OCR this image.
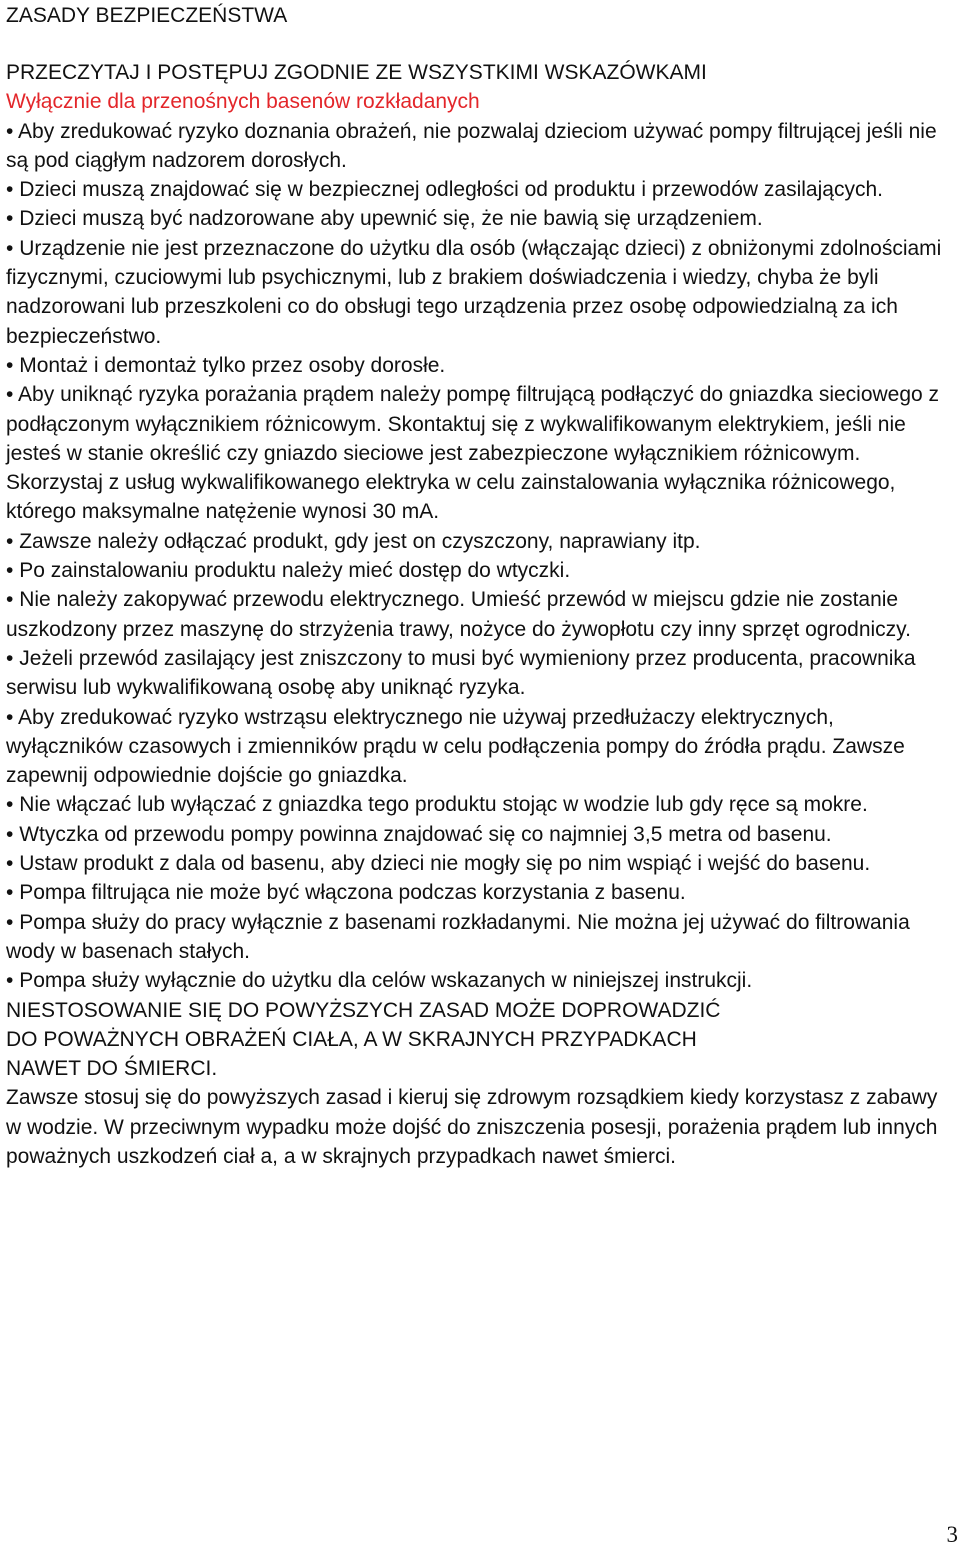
ZASADY BEZPIECZEŃSTWA

PRZECZYTAJ I POSTĘPUJ ZGODNIE ZE WSZYSTKIMI WSKAZÓWKAMI

Wyłącznie dla przenośnych basenów rozkładanych

• Aby zredukować ryzyko doznania obrażeń, nie pozwalaj dzieciom używać pompy filtrującej jeśli nie są pod ciągłym nadzorem dorosłych.
• Dzieci muszą znajdować się w bezpiecznej odległości od produktu i przewodów zasilających.
• Dzieci muszą być nadzorowane aby upewnić się, że nie bawią się urządzeniem.
• Urządzenie nie jest przeznaczone do użytku dla osób (włączając dzieci) z obniżonymi zdolnościami fizycznymi, czuciowymi lub psychicznymi, lub z brakiem doświadczenia i wiedzy, chyba że byli nadzorowani lub przeszkoleni co do obsługi tego urządzenia przez osobę odpowiedzialną za ich bezpieczeństwo.
• Montaż i demontaż tylko przez osoby dorosłe.
• Aby uniknąć ryzyka porażania prądem należy pompę filtrującą podłączyć do gniazdka sieciowego z podłączonym wyłącznikiem różnicowym. Skontaktuj się z wykwalifikowanym elektrykiem, jeśli nie jesteś w stanie określić czy gniazdo sieciowe jest zabezpieczone wyłącznikiem różnicowym. Skorzystaj z usług wykwalifikowanego elektryka w celu zainstalowania wyłącznika różnicowego, którego maksymalne natężenie wynosi 30 mA.
• Zawsze należy odłączać produkt, gdy jest on czyszczony, naprawiany itp.
• Po zainstalowaniu produktu należy mieć dostęp do wtyczki.
• Nie należy zakopywać przewodu elektrycznego. Umieść przewód w miejscu gdzie nie zostanie uszkodzony przez maszynę do strzyżenia trawy, nożyce do żywopłotu czy inny sprzęt ogrodniczy.
• Jeżeli przewód zasilający jest zniszczony to musi być wymieniony przez producenta, pracownika serwisu lub wykwalifikowaną osobę aby uniknąć ryzyka.
• Aby zredukować ryzyko wstrząsu elektrycznego nie używaj przedłużaczy elektrycznych, wyłączników czasowych i zmienników prądu w celu podłączenia pompy do źródła prądu. Zawsze zapewnij odpowiednie dojście go gniazdka.
• Nie włączać lub wyłączać z gniazdka tego produktu stojąc w wodzie lub gdy ręce są mokre.
• Wtyczka od przewodu pompy powinna znajdować się co najmniej 3,5 metra od basenu.
• Ustaw produkt z dala od basenu, aby dzieci nie mogły się po nim wspiąć i wejść do basenu.
• Pompa filtrująca nie może być włączona podczas korzystania z basenu.
• Pompa służy do pracy wyłącznie z basenami rozkładanymi. Nie można jej używać do filtrowania wody w basenach stałych.
• Pompa służy wyłącznie do użytku dla celów wskazanych w niniejszej instrukcji.
NIESTOSOWANIE SIĘ DO POWYŻSZYCH ZASAD MOŻE DOPROWADZIĆ
DO POWAŻNYCH OBRAŻEŃ CIAŁA, A W SKRAJNYCH PRZYPADKACH
NAWET DO ŚMIERCI.

Zawsze stosuj się do powyższych zasad i kieruj się zdrowym rozsądkiem kiedy korzystasz z zabawy w wodzie. W przeciwnym wypadku może dojść do zniszczenia posesji, porażenia prądem lub innych poważnych uszkodzeń ciał a, a w skrajnych przypadkach nawet śmierci.

3
